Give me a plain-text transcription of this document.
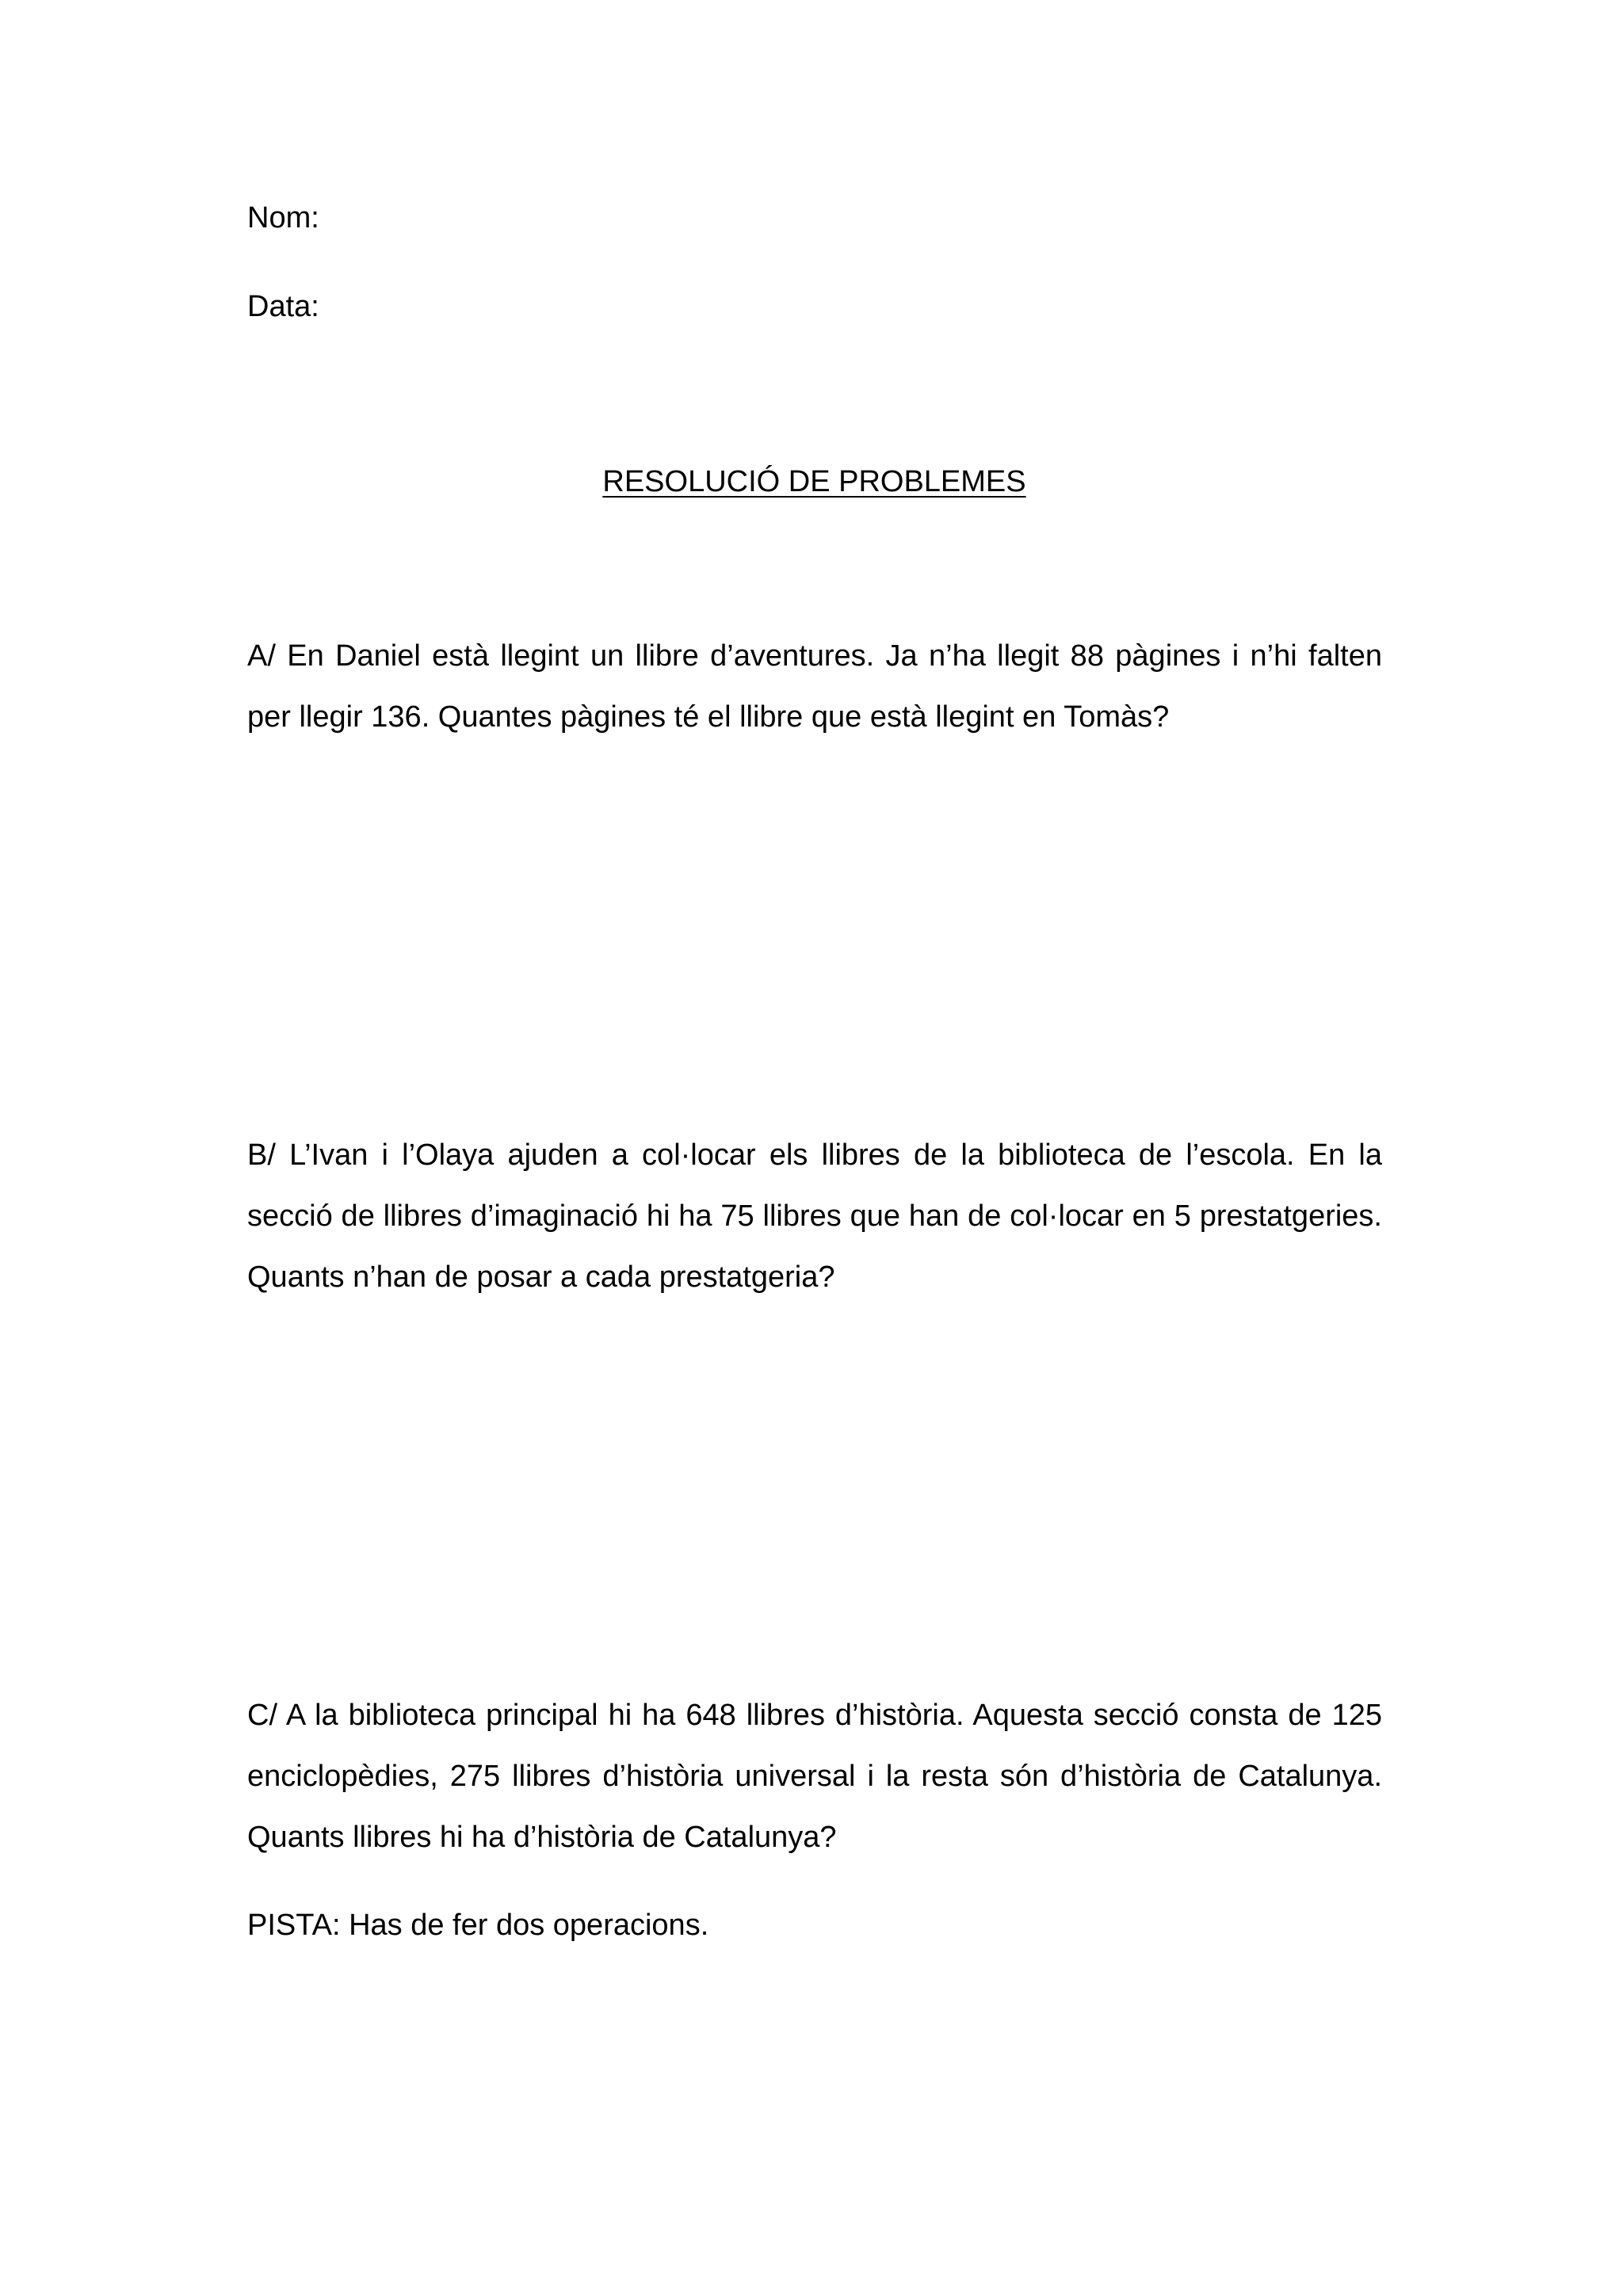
Nom:
Data:
RESOLUCIÓ DE PROBLEMES

A/ En Daniel està llegint un llibre d’aventures. Ja n’ha llegit 88 pàgines i n’hi falten per llegir 136. Quantes pàgines té el llibre que està llegint en Tomàs?

B/ L’Ivan i l’Olaya ajuden a col·locar els llibres de la biblioteca de l’escola. En la secció de llibres d’imaginació hi ha 75 llibres que han de col·locar en 5 prestatgeries. Quants n’han de posar a cada prestatgeria?

C/ A la biblioteca principal hi ha 648 llibres d’història. Aquesta secció consta de 125 enciclopèdies, 275 llibres d’història universal i la resta són d’història de Catalunya. Quants llibres hi ha d’història de Catalunya?

PISTA: Has de fer dos operacions.
